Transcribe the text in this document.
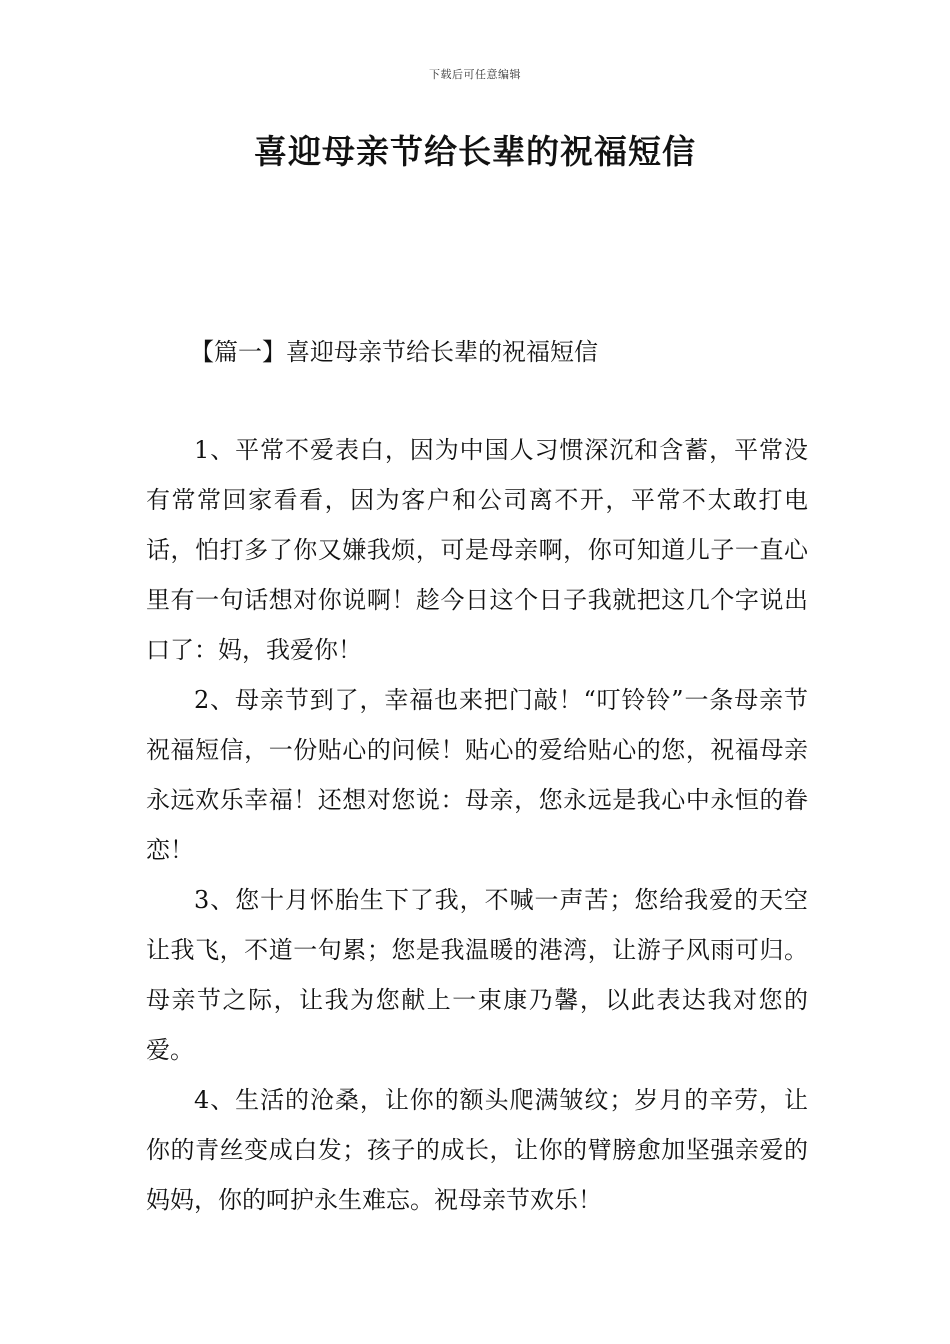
下载后可任意编辑
喜迎母亲节给长辈的祝福短信
【篇一】喜迎母亲节给长辈的祝福短信

1、平常不爱表白，因为中国人习惯深沉和含蓄，平常没有常常回家看看，因为客户和公司离不开，平常不太敢打电话，怕打多了你又嫌我烦，可是母亲啊，你可知道儿子一直心里有一句话想对你说啊！趁今日这个日子我就把这几个字说出口了：妈，我爱你！

2、母亲节到了，幸福也来把门敲！“叮铃铃”一条母亲节祝福短信，一份贴心的问候！贴心的爱给贴心的您，祝福母亲永远欢乐幸福！还想对您说：母亲，您永远是我心中永恒的眷恋！

3、您十月怀胎生下了我，不喊一声苦；您给我爱的天空让我飞，不道一句累；您是我温暖的港湾，让游子风雨可归。母亲节之际，让我为您献上一束康乃馨，以此表达我对您的爱。

4、生活的沧桑，让你的额头爬满皱纹；岁月的辛劳，让你的青丝变成白发；孩子的成长，让你的臂膀愈加坚强亲爱的妈妈，你的呵护永生难忘。祝母亲节欢乐！
